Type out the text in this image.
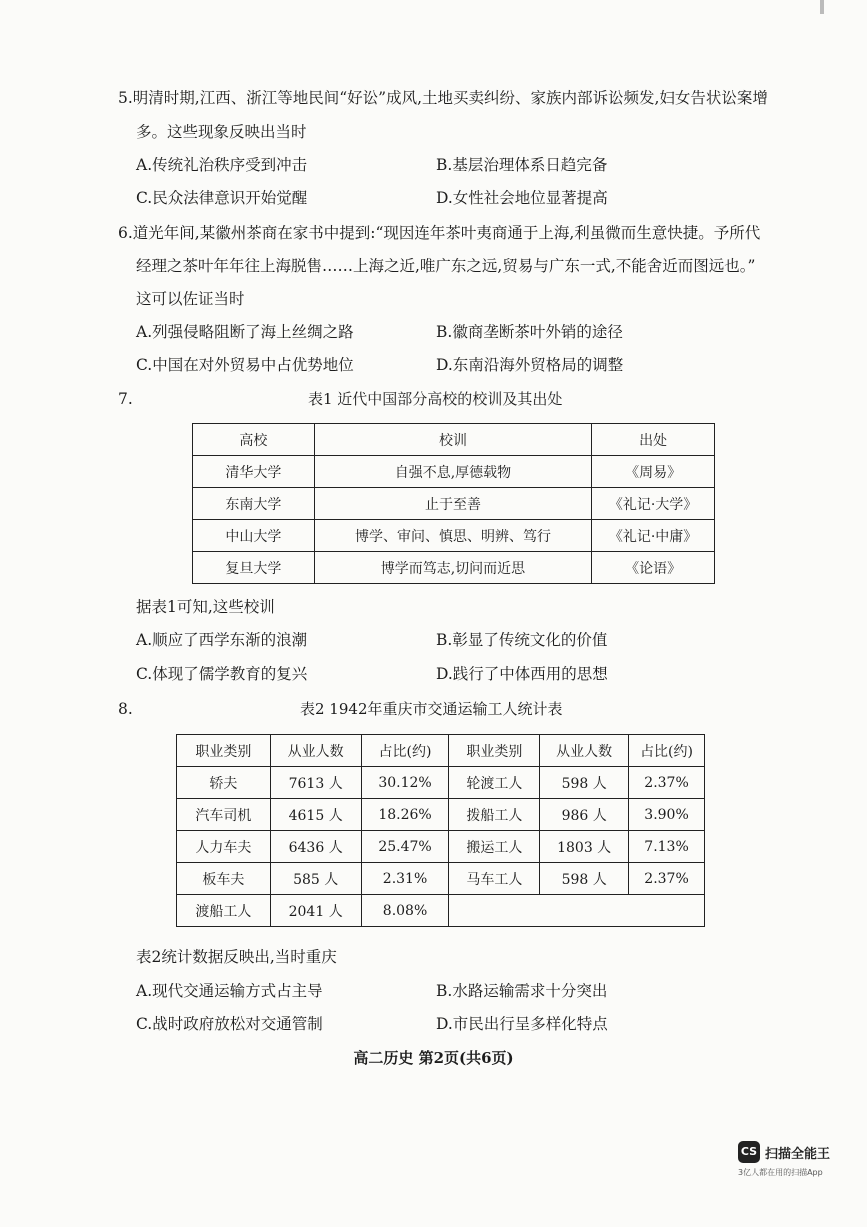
5.明清时期,江西、浙江等地民间“好讼”成风,土地买卖纠纷、家族内部诉讼频发,妇女告状讼案增
多。这些现象反映出当时
A.传统礼治秩序受到冲击	B.基层治理体系日趋完备
C.民众法律意识开始觉醒	D.女性社会地位显著提高
6.道光年间,某徽州茶商在家书中提到:“现因连年茶叶夷商通于上海,利虽微而生意快捷。予所代
经理之茶叶年年往上海脱售……上海之近,唯广东之远,贸易与广东一式,不能舍近而图远也。”
这可以佐证当时
A.列强侵略阻断了海上丝绸之路	B.徽商垄断茶叶外销的途径
C.中国在对外贸易中占优势地位	D.东南沿海外贸格局的调整
7.	表1 近代中国部分高校的校训及其出处
高校	校训	出处
清华大学	自强不息,厚德载物	《周易》
东南大学	止于至善	《礼记·大学》
中山大学	博学、审问、慎思、明辨、笃行	《礼记·中庸》
复旦大学	博学而笃志,切问而近思	《论语》
据表1可知,这些校训
A.顺应了西学东渐的浪潮	B.彰显了传统文化的价值
C.体现了儒学教育的复兴	D.践行了中体西用的思想
8.	表2 1942年重庆市交通运输工人统计表
职业类别	从业人数	占比(约)	职业类别	从业人数	占比(约)
轿夫	7613 人	30.12%	轮渡工人	598 人	2.37%
汽车司机	4615 人	18.26%	拨船工人	986 人	3.90%
人力车夫	6436 人	25.47%	搬运工人	1803 人	7.13%
板车夫	585 人	2.31%	马车工人	598 人	2.37%
渡船工人	2041 人	8.08%			
表2统计数据反映出,当时重庆
A.现代交通运输方式占主导	B.水路运输需求十分突出
C.战时政府放松对交通管制	D.市民出行呈多样化特点
高二历史 第2页(共6页)
CS 扫描全能王
3亿人都在用的扫描App
